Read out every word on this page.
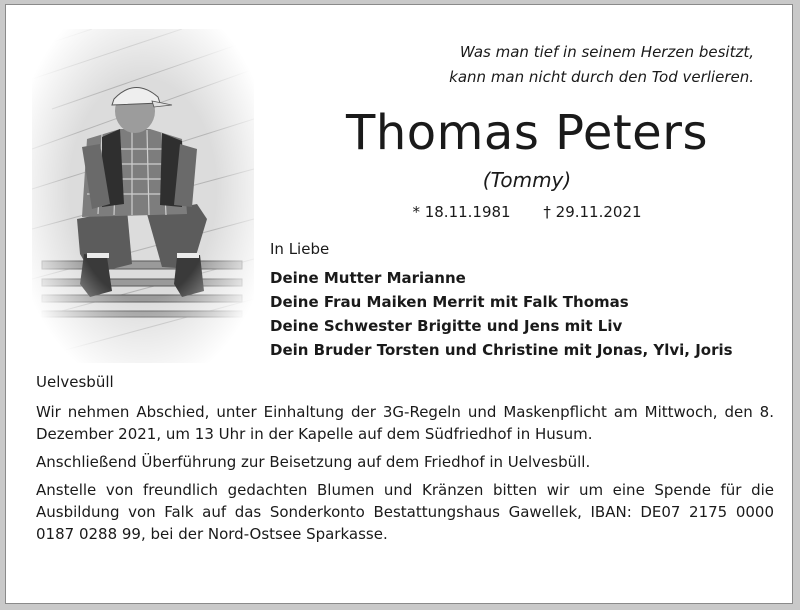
Was man tief in seinem Herzen besitzt,
kann man nicht durch den Tod verlieren.
Thomas Peters
(Tommy)
* 18.11.1981 † 29.11.2021
In Liebe
Deine Mutter Marianne
Deine Frau Maiken Merrit mit Falk Thomas
Deine Schwester Brigitte und Jens mit Liv
Dein Bruder Torsten und Christine mit Jonas, Ylvi, Joris
Uelvesbüll

Wir nehmen Abschied, unter Einhaltung der 3G-Regeln und Maskenpflicht am Mittwoch, den 8. Dezember 2021, um 13 Uhr in der Kapelle auf dem Südfriedhof in Husum.

Anschließend Überführung zur Beisetzung auf dem Friedhof in Uelvesbüll.

Anstelle von freundlich gedachten Blumen und Kränzen bitten wir um eine Spende für die Ausbildung von Falk auf das Sonderkonto Bestattungshaus Gawellek, IBAN: DE07 2175 0000 0187 0288 99, bei der Nord-Ostsee Sparkasse.
